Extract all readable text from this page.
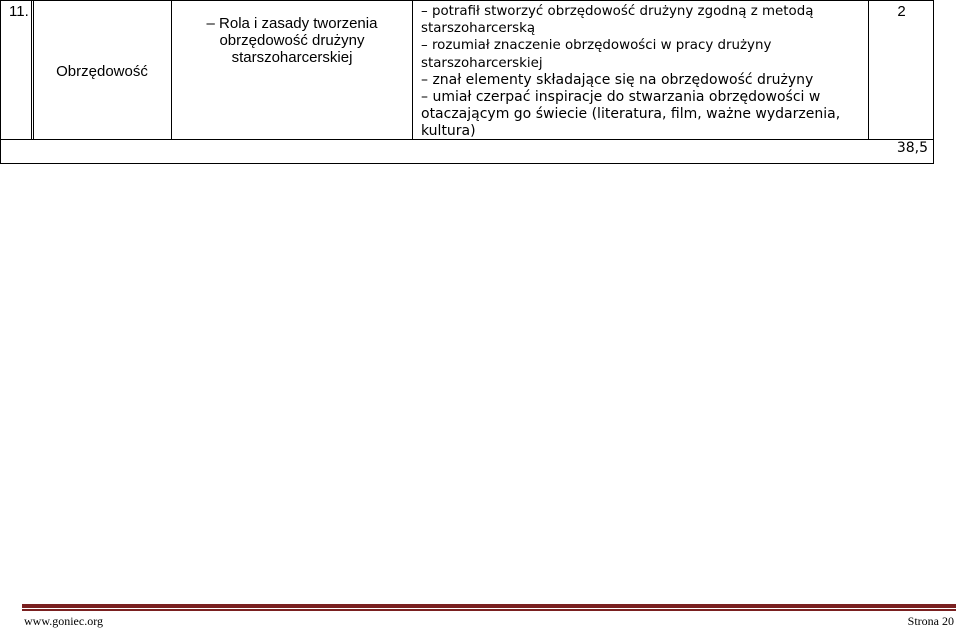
11.
Obrzędowość
– Rola i zasady tworzenia
obrzędowość drużyny
starszoharcerskiej
– potrafił stworzyć obrzędowość drużyny zgodną z metodą
starszoharcerską
– rozumiał znaczenie obrzędowości w pracy drużyny
starszoharcerskiej
– znał elementy składające się na obrzędowość drużyny
– umiał czerpać inspiracje do stwarzania obrzędowości w
otaczającym go świecie (literatura, film, ważne wydarzenia,
kultura)
2
38,5
www.goniec.org	Strona 20
